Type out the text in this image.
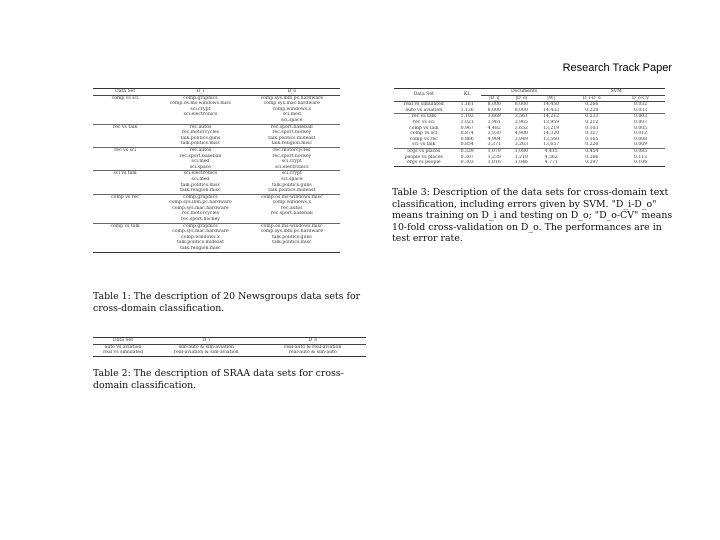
Research Track Paper
Data Set	D_i	D_o
comp vs sci	comp.graphics	comp.sys.ibm.pc.hardware
	comp.os.ms-windows.misc	comp.sys.mac.hardware
	sci.crypt	comp.windows.x
	sci.electronics	sci.med
		sci.space
rec vs talk	rec.autos	rec.sport.baseball
	rec.motorcycles	rec.sport.hockey
	talk.politics.guns	talk.politics.mideast
	talk.politics.misc	talk.religion.misc
rec vs sci	rec.autos	rec.motorcycles
	rec.sport.baseball	rec.sport.hockey
	sci.med	sci.crypt
	sci.space	sci.electronics
sci vs talk	sci.electronics	sci.crypt
	sci.med	sci.space
	talk.politics.misc	talk.politics.guns
	talk.religion.misc	talk.politics.mideast
comp vs rec	comp.graphics	comp.os.ms-windows.misc
	comp.sys.ibm.pc.hardware	comp.windows.x
	comp.sys.mac.hardware	rec.autos
	rec.motorcycles	rec.sport.baseball
	rec.sport.hockey	
comp vs talk	comp.graphics	comp.os.ms-windows.misc
	comp.sys.mac.hardware	comp.sys.ibm.pc.hardware
	comp.windows.x	talk.politics.guns
	talk.politics.mideast	talk.politics.misc
	talk.religion.misc	

Table 1: The description of 20 Newsgroups data sets for cross-domain classification.

Data Set	D_i	D_o
auto vs aviation	sim-auto & sim-aviation	real-auto & real-aviation
real vs simulated	real-aviation & sim-aviation	real-auto & sim-auto

Table 2: The description of SRAA data sets for cross-domain classification.

Data Set	KL	Documents			SVM	
		|D_i|	|D_o|	|W|	D_i-D_o	D_o-CV
real vs simulated	1.161	8,000	8,000	14,450	0.266	0.032
auto vs aviation	1.126	8,000	8,000	14,433	0.228	0.033
rec vs talk	1.102	3,669	3,561	14,212	0.233	0.003
rec vs sci	1.021	3,961	3,965	13,959	0.212	0.007
comp vs talk	0.967	4,482	3,652	13,219	0.103	0.005
comp vs sci	0.874	3,930	4,900	14,320	0.317	0.012
comp vs rec	0.866	4,904	3,949	13,560	0.165	0.008
sci vs talk	0.854	3,371	3,263	13,657	0.226	0.009
orgs vs places	0.329	1,079	1,080	4,415	0.454	0.085
people vs places	0.307	1,239	1,210	4,562	0.266	0.113
orgs vs people	0.303	1,016	1,046	4,771	0.297	0.106

Table 3: Description of the data sets for cross-domain text classification, including errors given by SVM. "D_i-D_o" means training on D_i and testing on D_o; "D_o-CV" means 10-fold cross-validation on D_o. The performances are in test error rate.
